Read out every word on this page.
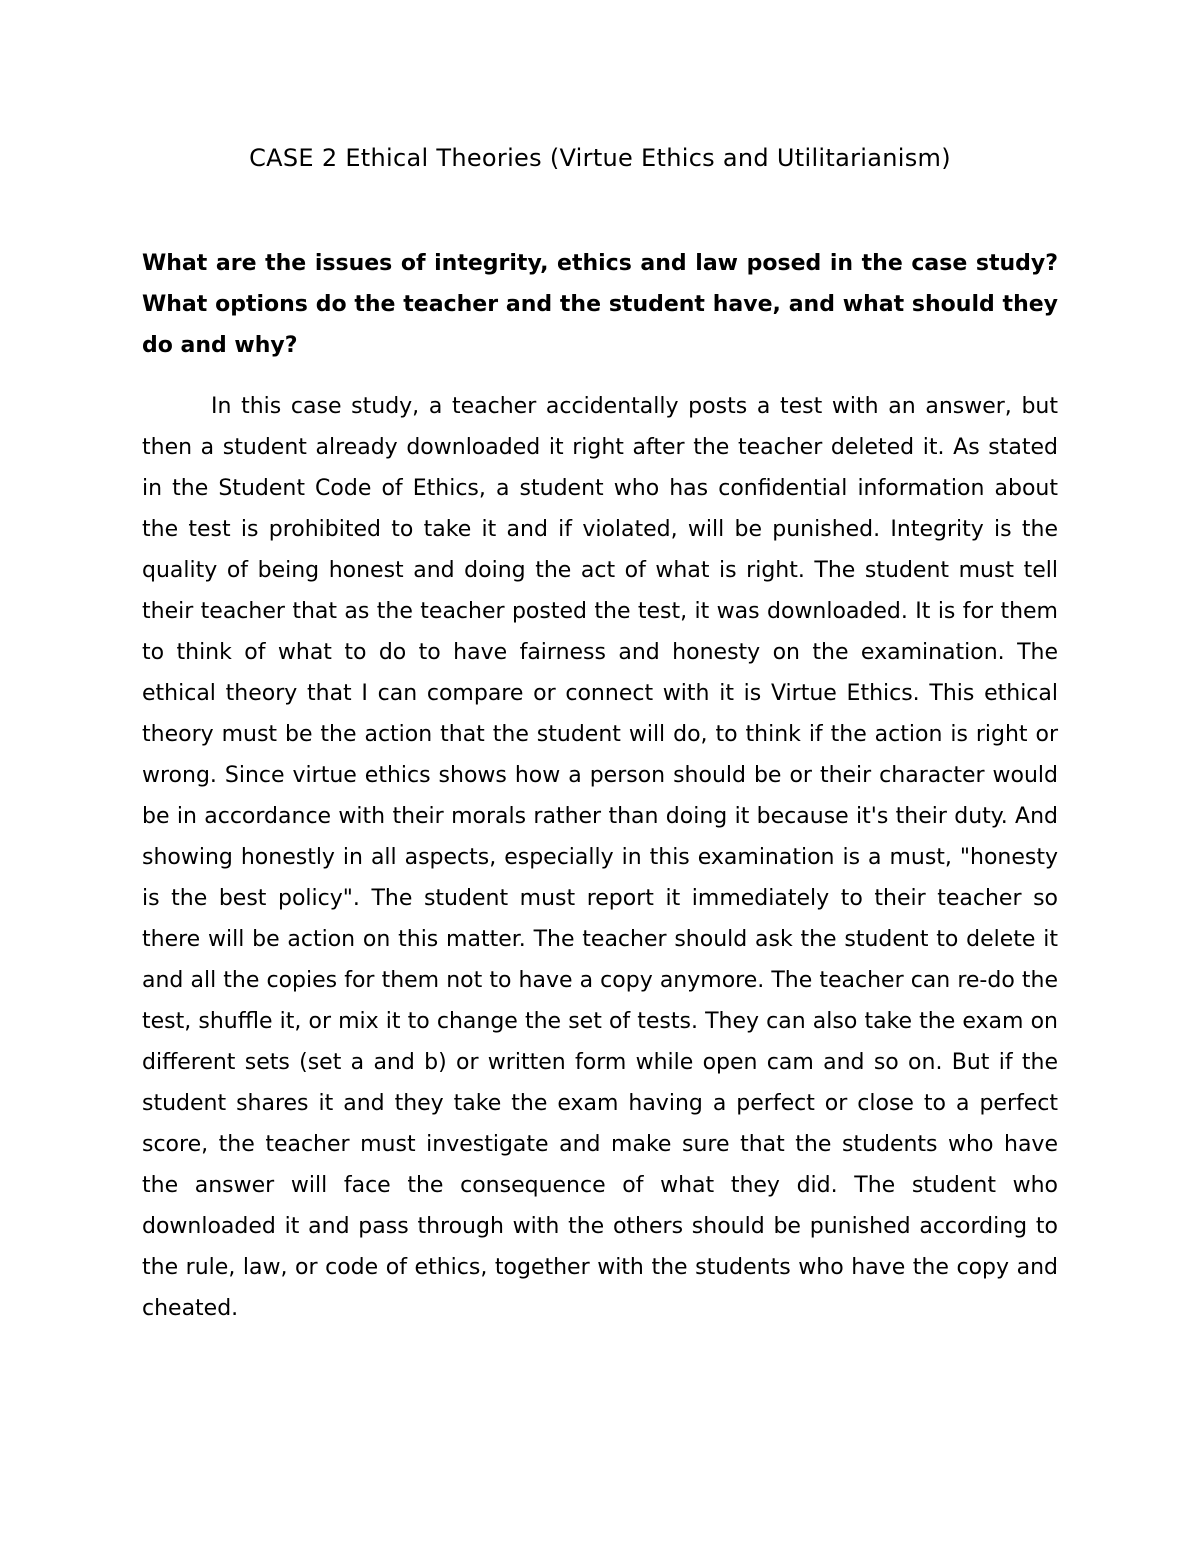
CASE 2 Ethical Theories (Virtue Ethics and Utilitarianism)

What are the issues of integrity, ethics and law posed in the case study? What options do the teacher and the student have, and what should they do and why?

In this case study, a teacher accidentally posts a test with an answer, but then a student already downloaded it right after the teacher deleted it. As stated in the Student Code of Ethics, a student who has confidential information about the test is prohibited to take it and if violated, will be punished. Integrity is the quality of being honest and doing the act of what is right. The student must tell their teacher that as the teacher posted the test, it was downloaded. It is for them to think of what to do to have fairness and honesty on the examination. The ethical theory that I can compare or connect with it is Virtue Ethics. This ethical theory must be the action that the student will do, to think if the action is right or wrong. Since virtue ethics shows how a person should be or their character would be in accordance with their morals rather than doing it because it's their duty. And showing honestly in all aspects, especially in this examination is a must, "honesty is the best policy". The student must report it immediately to their teacher so there will be action on this matter. The teacher should ask the student to delete it and all the copies for them not to have a copy anymore. The teacher can re-do the test, shuffle it, or mix it to change the set of tests. They can also take the exam on different sets (set a and b) or written form while open cam and so on. But if the student shares it and they take the exam having a perfect or close to a perfect score, the teacher must investigate and make sure that the students who have the answer will face the consequence of what they did. The student who downloaded it and pass through with the others should be punished according to the rule, law, or code of ethics, together with the students who have the copy and cheated.
